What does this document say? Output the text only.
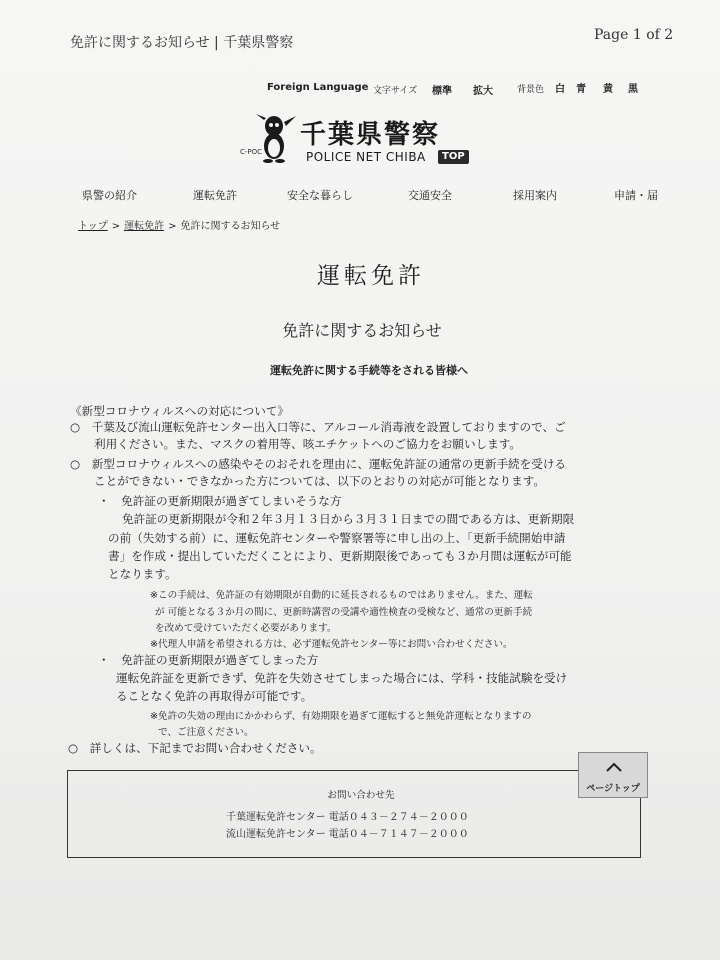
免許に関するお知らせ | 千葉県警察	Page 1 of 2
Foreign Language 文字サイズ 標準 拡大	背景色 白 青 黄 黒
C-POC
千葉県警察
POLICE NET CHIBA	TOP
県警の紹介	運転免許	安全な暮らし	交通安全	採用案内	申請・届
トップ > 運転免許 > 免許に関するお知らせ
運転免許
免許に関するお知らせ
運転免許に関する手続等をされる皆様へ
《新型コロナウィルスへの対応について》
○　千葉及び流山運転免許センター出入口等に、アルコール消毒液を設置しておりますので、ご
利用ください。また、マスクの着用等、咳エチケットへのご協力をお願いします。
○　新型コロナウィルスへの感染やそのおそれを理由に、運転免許証の通常の更新手続を受ける
ことができない・できなかった方については、以下のとおりの対応が可能となります。
・　免許証の更新期限が過ぎてしまいそうな方
免許証の更新期限が令和２年３月１３日から３月３１日までの間である方は、更新期限
の前（失効する前）に、運転免許センターや警察署等に申し出の上、「更新手続開始申請
書」を作成・提出していただくことにより、更新期限後であっても３か月間は運転が可能
となります。
※この手続は、免許証の有効期限が自動的に延長されるものではありません。また、運転
が 可能となる３か月の間に、更新時講習の受講や適性検査の受検など、通常の更新手続
を改めて受けていただく必要があります。
※代理人申請を希望される方は、必ず運転免許センター等にお問い合わせください。
・　免許証の更新期限が過ぎてしまった方
運転免許証を更新できず、免許を失効させてしまった場合には、学科・技能試験を受け
ることなく免許の再取得が可能です。
※免許の失効の理由にかかわらず、有効期限を過ぎて運転すると無免許運転となりますの
で、ご注意ください。
○　詳しくは、下記までお問い合わせください。
お問い合わせ先
千葉運転免許センター 電話０４３－２７４－２０００
流山運転免許センター 電話０４－７１４７－２０００
ページトップ
